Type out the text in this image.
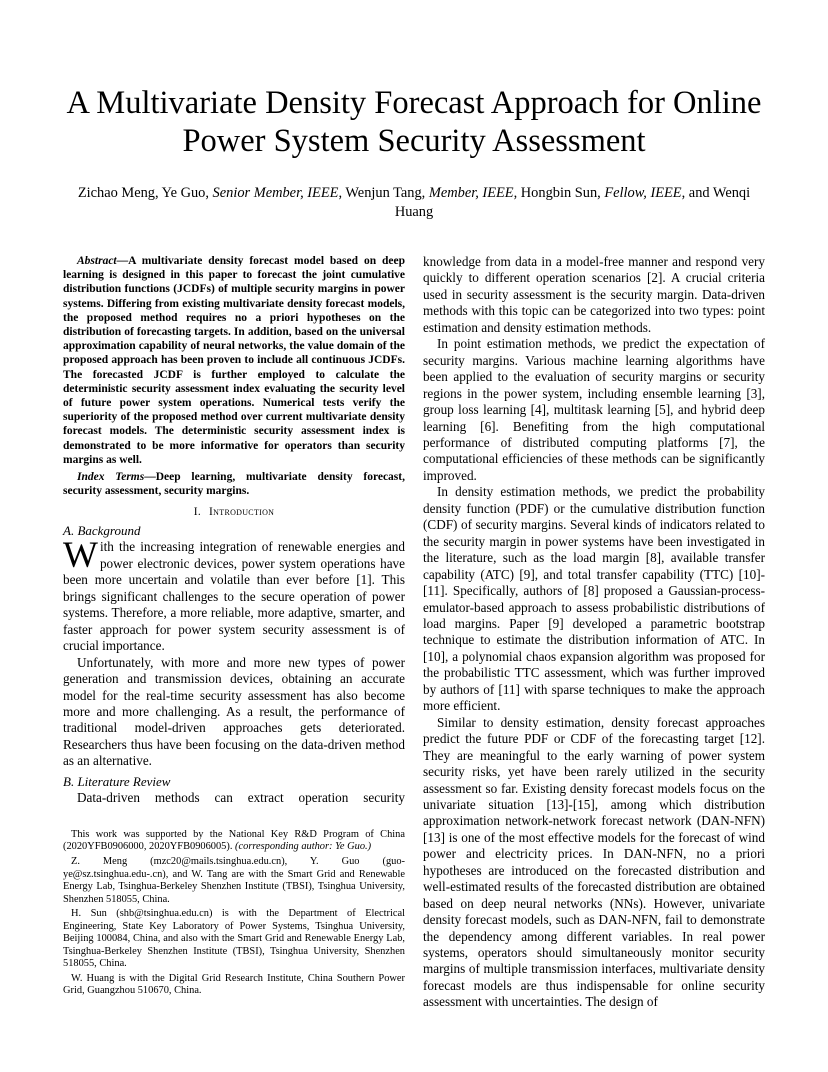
A Multivariate Density Forecast Approach for Online
Power System Security Assessment

Zichao Meng, Ye Guo, Senior Member, IEEE, Wenjun Tang, Member, IEEE, Hongbin Sun, Fellow, IEEE, and Wenqi Huang

Abstract—A multivariate density forecast model based on deep learning is designed in this paper to forecast the joint cumulative distribution functions (JCDFs) of multiple security margins in power systems. Differing from existing multivariate density forecast models, the proposed method requires no a priori hypotheses on the distribution of forecasting targets. In addition, based on the universal approximation capability of neural networks, the value domain of the proposed approach has been proven to include all continuous JCDFs. The forecasted JCDF is further employed to calculate the deterministic security assessment index evaluating the security level of future power system operations. Numerical tests verify the superiority of the proposed method over current multivariate density forecast models. The deterministic security assessment index is demonstrated to be more informative for operators than security margins as well.

Index Terms—Deep learning, multivariate density forecast, security assessment, security margins.

I. Introduction
A. Background

With the increasing integration of renewable energies and power electronic devices, power system operations have been more uncertain and volatile than ever before [1]. This brings significant challenges to the secure operation of power systems. Therefore, a more reliable, more adaptive, smarter, and faster approach for power system security assessment is of crucial importance.

Unfortunately, with more and more new types of power generation and transmission devices, obtaining an accurate model for the real-time security assessment has also become more and more challenging. As a result, the performance of traditional model-driven approaches gets deteriorated. Researchers thus have been focusing on the data-driven method as an alternative.

B. Literature Review

Data-driven methods can extract operation security

This work was supported by the National Key R&D Program of China (2020YFB0906000, 2020YFB0906005). (corresponding author: Ye Guo.)

Z. Meng (mzc20@mails.tsinghua.edu.cn), Y. Guo (guo-ye@sz.tsinghua.edu-.cn), and W. Tang are with the Smart Grid and Renewable Energy Lab, Tsinghua-Berkeley Shenzhen Institute (TBSI), Tsinghua University, Shenzhen 518055, China.

H. Sun (shb@tsinghua.edu.cn) is with the Department of Electrical Engineering, State Key Laboratory of Power Systems, Tsinghua University, Beijing 100084, China, and also with the Smart Grid and Renewable Energy Lab, Tsinghua-Berkeley Shenzhen Institute (TBSI), Tsinghua University, Shenzhen 518055, China.

W. Huang is with the Digital Grid Research Institute, China Southern Power Grid, Guangzhou 510670, China.

knowledge from data in a model-free manner and respond very quickly to different operation scenarios [2]. A crucial criteria used in security assessment is the security margin. Data-driven methods with this topic can be categorized into two types: point estimation and density estimation methods.

In point estimation methods, we predict the expectation of security margins. Various machine learning algorithms have been applied to the evaluation of security margins or security regions in the power system, including ensemble learning [3], group loss learning [4], multitask learning [5], and hybrid deep learning [6]. Benefiting from the high computational performance of distributed computing platforms [7], the computational efficiencies of these methods can be significantly improved.

In density estimation methods, we predict the probability density function (PDF) or the cumulative distribution function (CDF) of security margins. Several kinds of indicators related to the security margin in power systems have been investigated in the literature, such as the load margin [8], available transfer capability (ATC) [9], and total transfer capability (TTC) [10]-[11]. Specifically, authors of [8] proposed a Gaussian-process-emulator-based approach to assess probabilistic distributions of load margins. Paper [9] developed a parametric bootstrap technique to estimate the distribution information of ATC. In [10], a polynomial chaos expansion algorithm was proposed for the probabilistic TTC assessment, which was further improved by authors of [11] with sparse techniques to make the approach more efficient.

Similar to density estimation, density forecast approaches predict the future PDF or CDF of the forecasting target [12]. They are meaningful to the early warning of power system security risks, yet have been rarely utilized in the security assessment so far. Existing density forecast models focus on the univariate situation [13]-[15], among which distribution approximation network-network forecast network (DAN-NFN) [13] is one of the most effective models for the forecast of wind power and electricity prices. In DAN-NFN, no a priori hypotheses are introduced on the forecasted distribution and well-estimated results of the forecasted distribution are obtained based on deep neural networks (NNs). However, univariate density forecast models, such as DAN-NFN, fail to demonstrate the dependency among different variables. In real power systems, operators should simultaneously monitor security margins of multiple transmission interfaces, multivariate density forecast models are thus indispensable for online security assessment with uncertainties. The design of
